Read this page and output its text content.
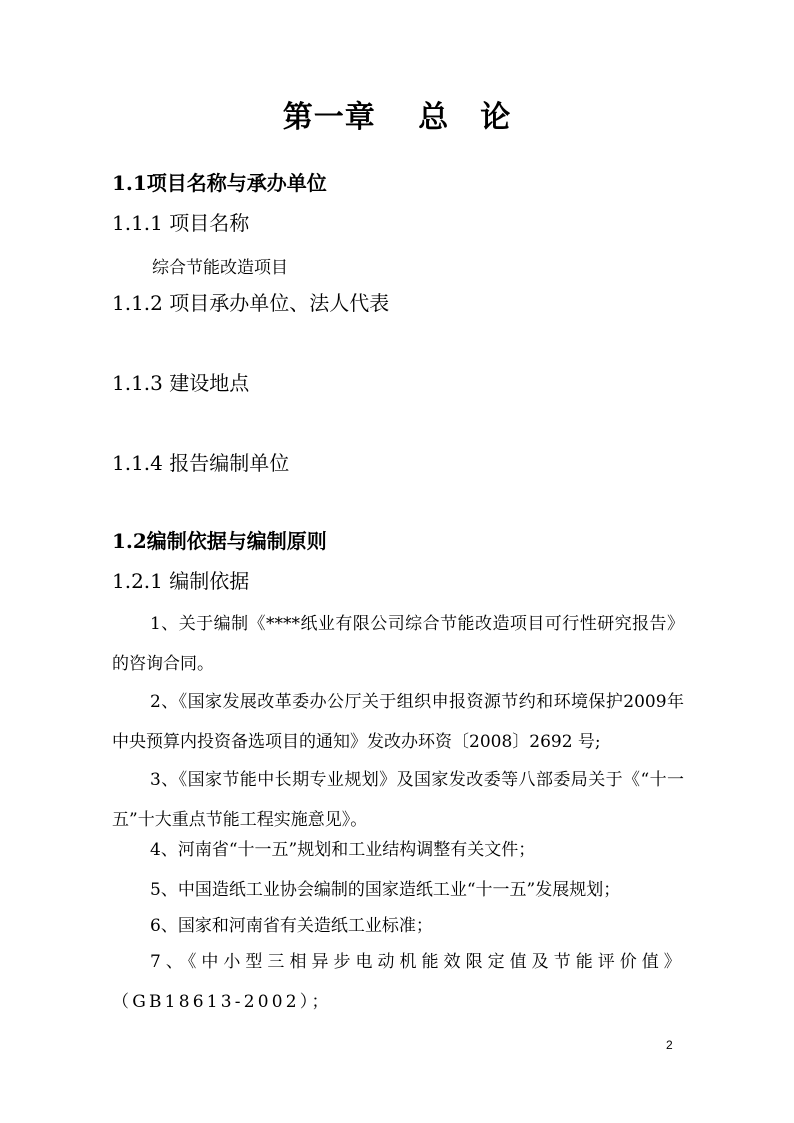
第一章　 总　论
1.1项目名称与承办单位
1.1.1 项目名称
综合节能改造项目
1.1.2 项目承办单位、法人代表
1.1.3 建设地点
1.1.4 报告编制单位
1.2编制依据与编制原则
1.2.1 编制依据
1、关于编制《****纸业有限公司综合节能改造项目可行性研究报告》的咨询合同。
2、《国家发展改革委办公厅关于组织申报资源节约和环境保护2009年中央预算内投资备选项目的通知》发改办环资〔2008〕2692 号;
3、《国家节能中长期专业规划》及国家发改委等八部委局关于《“十一五”十大重点节能工程实施意见》。
4、河南省“十一五”规划和工业结构调整有关文件；
5、中国造纸工业协会编制的国家造纸工业“十一五”发展规划；
6、国家和河南省有关造纸工业标准；
7、《中小型三相异步电动机能效限定值及节能评价值》（GB18613-2002）；
2
